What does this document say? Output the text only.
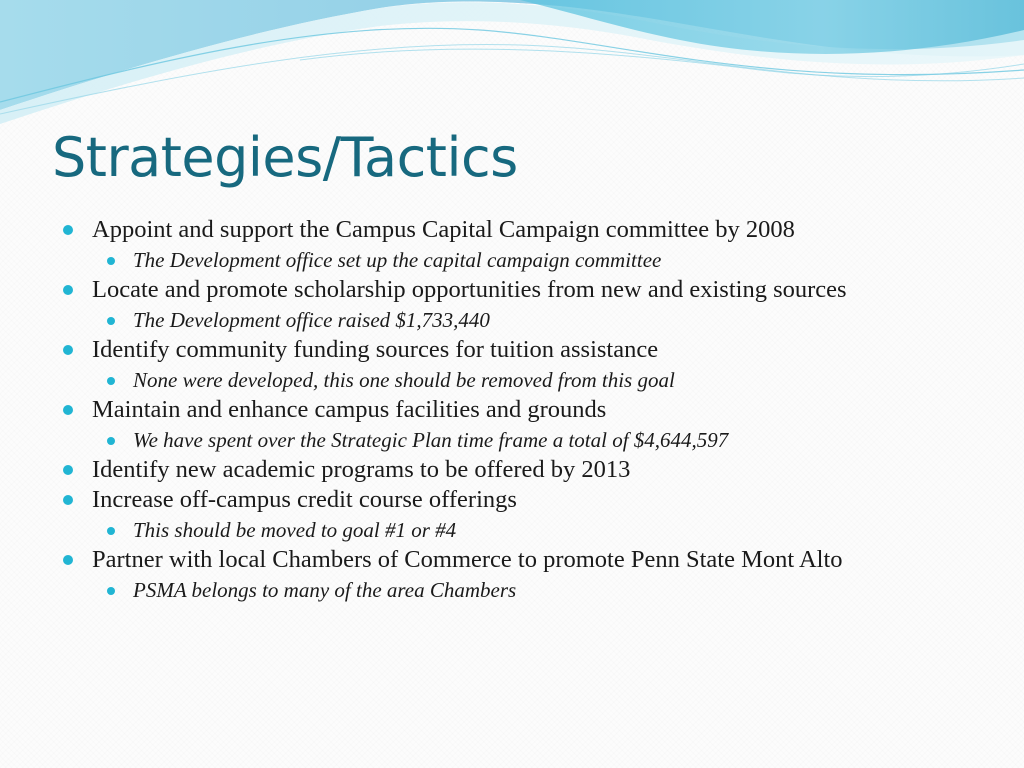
Strategies/Tactics
Appoint and support the Campus Capital Campaign committee by 2008
The Development office set up the capital campaign committee
Locate and promote scholarship opportunities from new and existing sources
The Development office raised $1,733,440
Identify community funding sources for tuition assistance
None were developed, this one should be removed from this goal
Maintain and enhance campus facilities and grounds
We have spent over the Strategic Plan time frame a total of $4,644,597
Identify new academic programs to be offered by 2013
Increase off-campus credit course offerings
This should be moved to goal #1 or #4
Partner with local Chambers of Commerce to promote Penn State Mont Alto
PSMA belongs to many of the area Chambers
